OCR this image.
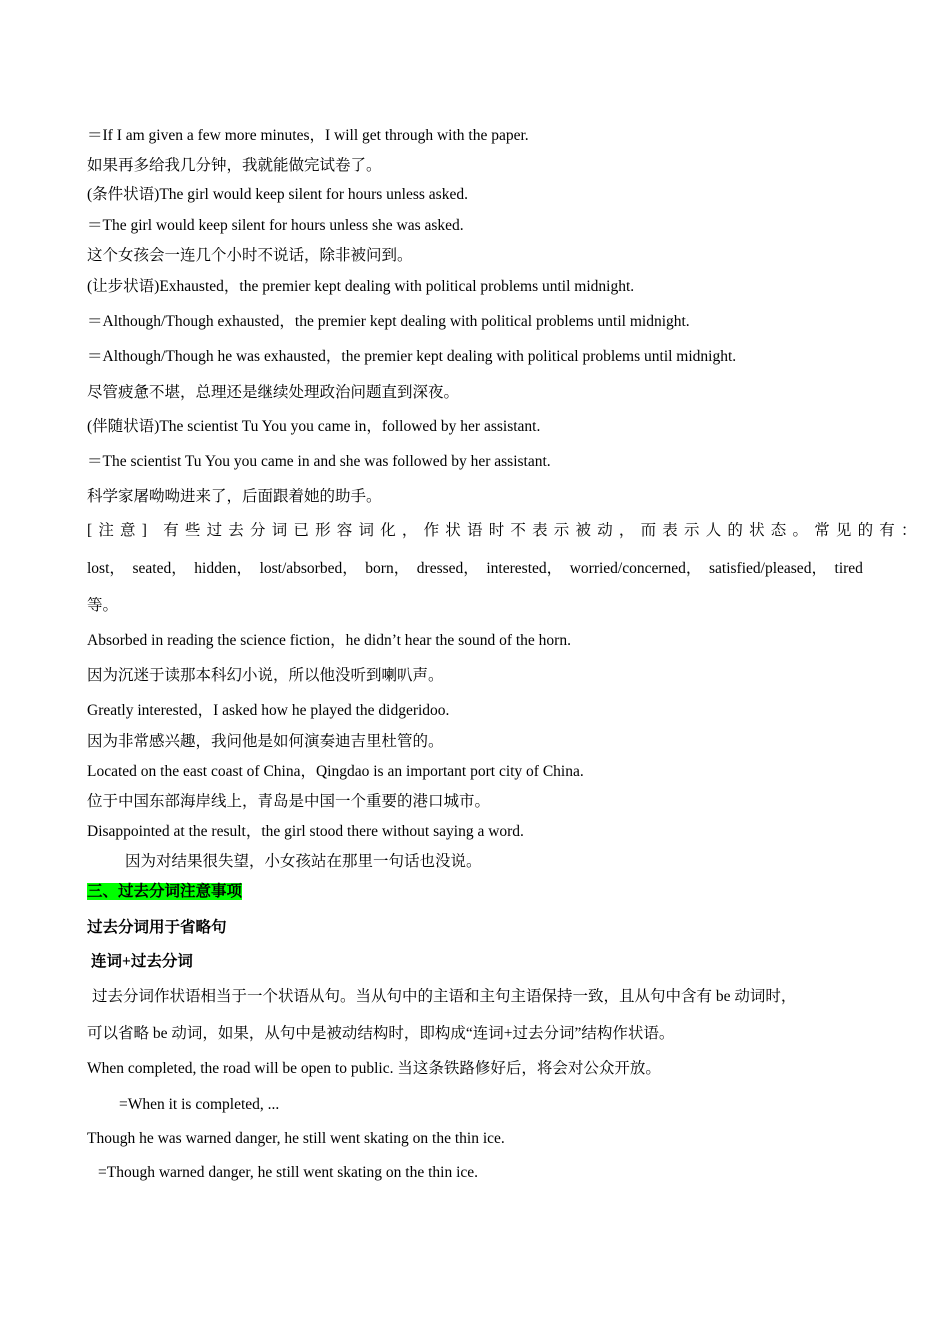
＝If I am given a few more minutes，I will get through with the paper.
如果再多给我几分钟，我就能做完试卷了。
(条件状语)The girl would keep silent for hours unless asked.
＝The girl would keep silent for hours unless she was asked.
这个女孩会一连几个小时不说话，除非被问到。
(让步状语)Exhausted，the premier kept dealing with political problems until midnight.
＝Although/Though exhausted，the premier kept dealing with political problems until midnight.
＝Although/Though he was exhausted，the premier kept dealing with political problems until midnight.
尽管疲惫不堪，总理还是继续处理政治问题直到深夜。
(伴随状语)The scientist Tu You you came in，followed by her assistant.
＝The scientist Tu You you came in and she was followed by her assistant.
科学家屠呦呦进来了，后面跟着她的助手。
[注意] 有些过去分词已形容词化，作状语时不表示被动，而表示人的状态。常见的有：
lost， seated， hidden， lost/absorbed， born， dressed， interested， worried/concerned， satisfied/pleased， tired
等。
Absorbed in reading the science fiction，he didn’t hear the sound of the horn.
因为沉迷于读那本科幻小说，所以他没听到喇叭声。
Greatly interested，I asked how he played the didgeridoo.
因为非常感兴趣，我问他是如何演奏迪吉里杜管的。
Located on the east coast of China，Qingdao is an important port city of China.
位于中国东部海岸线上，青岛是中国一个重要的港口城市。
Disappointed at the result，the girl stood there without saying a word.
因为对结果很失望，小女孩站在那里一句话也没说。
三、过去分词注意事项
过去分词用于省略句
连词+过去分词
过去分词作状语相当于一个状语从句。当从句中的主语和主句主语保持一致，且从句中含有 be 动词时，
可以省略 be 动词，如果，从句中是被动结构时，即构成“连词+过去分词”结构作状语。
When completed, the road will be open to public. 当这条铁路修好后，将会对公众开放。
=When it is completed, ...
Though he was warned danger, he still went skating on the thin ice.
=Though warned danger, he still went skating on the thin ice.
